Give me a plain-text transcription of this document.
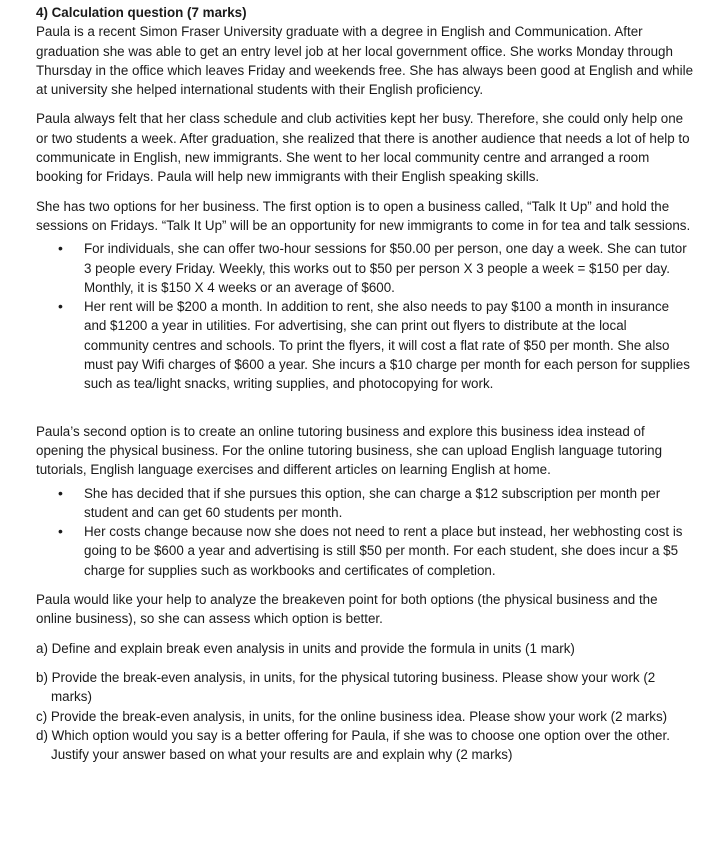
4) Calculation question (7 marks)

Paula is a recent Simon Fraser University graduate with a degree in English and Communication. After graduation she was able to get an entry level job at her local government office. She works Monday through Thursday in the office which leaves Friday and weekends free. She has always been good at English and while at university she helped international students with their English proficiency.

Paula always felt that her class schedule and club activities kept her busy. Therefore, she could only help one or two students a week. After graduation, she realized that there is another audience that needs a lot of help to communicate in English, new immigrants. She went to her local community centre and arranged a room booking for Fridays. Paula will help new immigrants with their English speaking skills.

She has two options for her business. The first option is to open a business called, “Talk It Up” and hold the sessions on Fridays. “Talk It Up” will be an opportunity for new immigrants to come in for tea and talk sessions.

• For individuals, she can offer two-hour sessions for $50.00 per person, one day a week. She can tutor 3 people every Friday. Weekly, this works out to $50 per person X 3 people a week = $150 per day. Monthly, it is $150 X 4 weeks or an average of $600.
• Her rent will be $200 a month. In addition to rent, she also needs to pay $100 a month in insurance and $1200 a year in utilities. For advertising, she can print out flyers to distribute at the local community centres and schools. To print the flyers, it will cost a flat rate of $50 per month. She also must pay Wifi charges of $600 a year. She incurs a $10 charge per month for each person for supplies such as tea/light snacks, writing supplies, and photocopying for work.

Paula’s second option is to create an online tutoring business and explore this business idea instead of opening the physical business. For the online tutoring business, she can upload English language tutoring tutorials, English language exercises and different articles on learning English at home.

• She has decided that if she pursues this option, she can charge a $12 subscription per month per student and can get 60 students per month.
• Her costs change because now she does not need to rent a place but instead, her webhosting cost is going to be $600 a year and advertising is still $50 per month. For each student, she does incur a $5 charge for supplies such as workbooks and certificates of completion.

Paula would like your help to analyze the breakeven point for both options (the physical business and the online business), so she can assess which option is better.

a) Define and explain break even analysis in units and provide the formula in units (1 mark)

b) Provide the break-even analysis, in units, for the physical tutoring business. Please show your work (2 marks)

c) Provide the break-even analysis, in units, for the online business idea. Please show your work (2 marks)

d) Which option would you say is a better offering for Paula, if she was to choose one option over the other. Justify your answer based on what your results are and explain why (2 marks)
